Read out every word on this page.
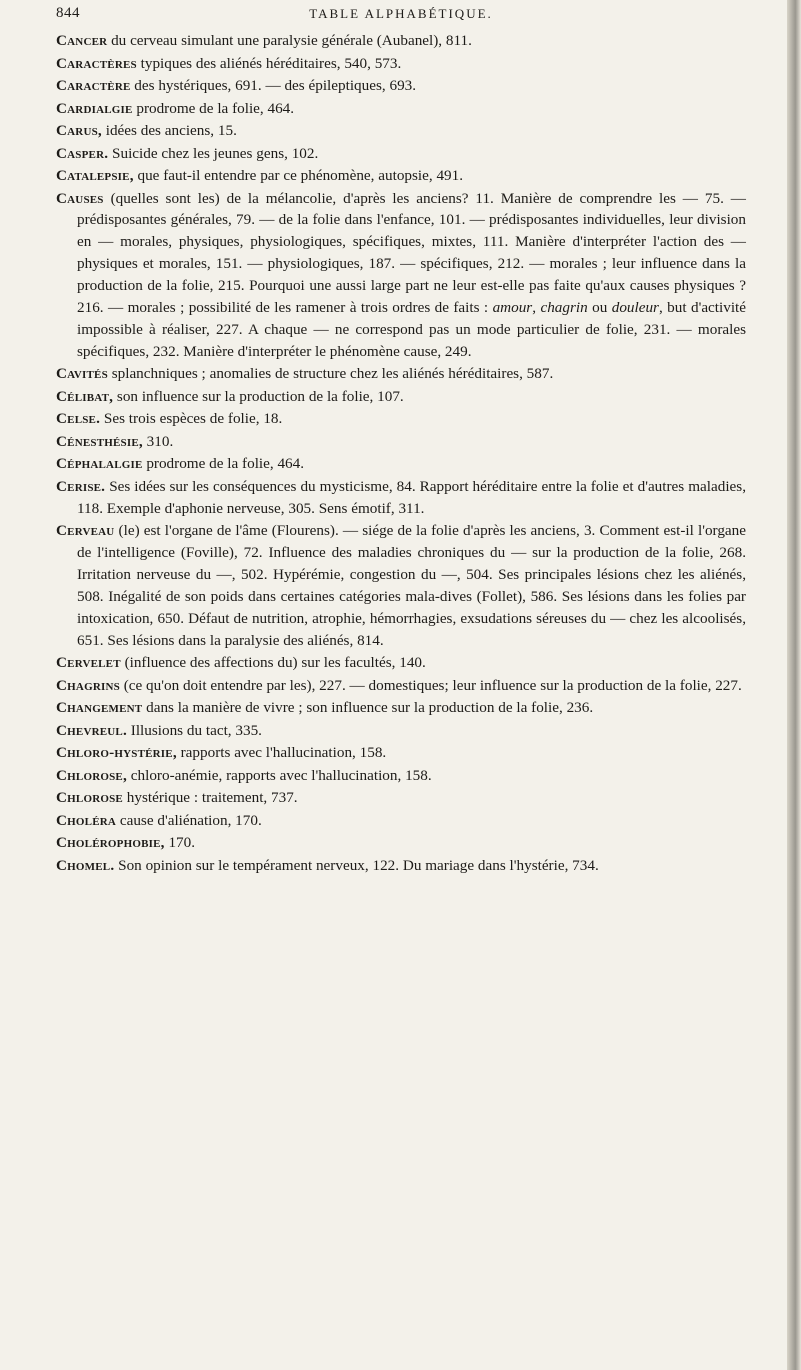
844	TABLE ALPHABÉTIQUE.

Cancer du cerveau simulant une paralysie générale (Aubanel), 811.

Caractères typiques des aliénés héréditaires, 540, 573.

Caractère des hystériques, 691. — des épileptiques, 693.

Cardialgie prodrome de la folie, 464.

Carus, idées des anciens, 15.

Casper. Suicide chez les jeunes gens, 102.

Catalepsie, que faut-il entendre par ce phénomène, autopsie, 491.

Causes (quelles sont les) de la mélancolie, d'après les anciens? 11. Manière de comprendre les — 75. — prédisposantes générales, 79. — de la folie dans l'enfance, 101. — prédisposantes individuelles, leur division en — morales, physiques, physiologiques, spécifiques, mixtes, 111. Manière d'interpréter l'action des — physiques et morales, 151. — physiologiques, 187. — spécifiques, 212. — morales ; leur influence dans la production de la folie, 215. Pourquoi une aussi large part ne leur est-elle pas faite qu'aux causes physiques ? 216. — morales ; possibilité de les ramener à trois ordres de faits : amour, chagrin ou douleur, but d'activité impossible à réaliser, 227. A chaque — ne correspond pas un mode particulier de folie, 231. — morales spécifiques, 232. Manière d'interpréter le phénomène cause, 249.

Cavités splanchniques ; anomalies de structure chez les aliénés héréditaires, 587.

Célibat, son influence sur la production de la folie, 107.

Celse. Ses trois espèces de folie, 18.

Cénesthésie, 310.

Céphalalgie prodrome de la folie, 464.

Cerise. Ses idées sur les conséquences du mysticisme, 84. Rapport héréditaire entre la folie et d'autres maladies, 118. Exemple d'aphonie nerveuse, 305. Sens émotif, 311.

Cerveau (le) est l'organe de l'âme (Flourens). — siége de la folie d'après les anciens, 3. Comment est-il l'organe de l'intelligence (Foville), 72. Influence des maladies chroniques du — sur la production de la folie, 268. Irritation nerveuse du —, 502. Hypérémie, congestion du —, 504. Ses principales lésions chez les aliénés, 508. Inégalité de son poids dans certaines catégories mala-dives (Follet), 586. Ses lésions dans les folies par intoxication, 650. Défaut de nutrition, atrophie, hémorrhagies, exsudations séreuses du — chez les alcoolisés, 651. Ses lésions dans la paralysie des aliénés, 814.

Cervelet (influence des affections du) sur les facultés, 140.

Chagrins (ce qu'on doit entendre par les), 227. — domestiques; leur influence sur la production de la folie, 227.

Changement dans la manière de vivre ; son influence sur la production de la folie, 236.

Chevreul. Illusions du tact, 335.

Chloro-hystérie, rapports avec l'hallucination, 158.

Chlorose, chloro-anémie, rapports avec l'hallucination, 158.

Chlorose hystérique : traitement, 737.

Choléra cause d'aliénation, 170.

Cholérophobie, 170.

Chomel. Son opinion sur le tempérament nerveux, 122. Du mariage dans l'hystérie, 734.
